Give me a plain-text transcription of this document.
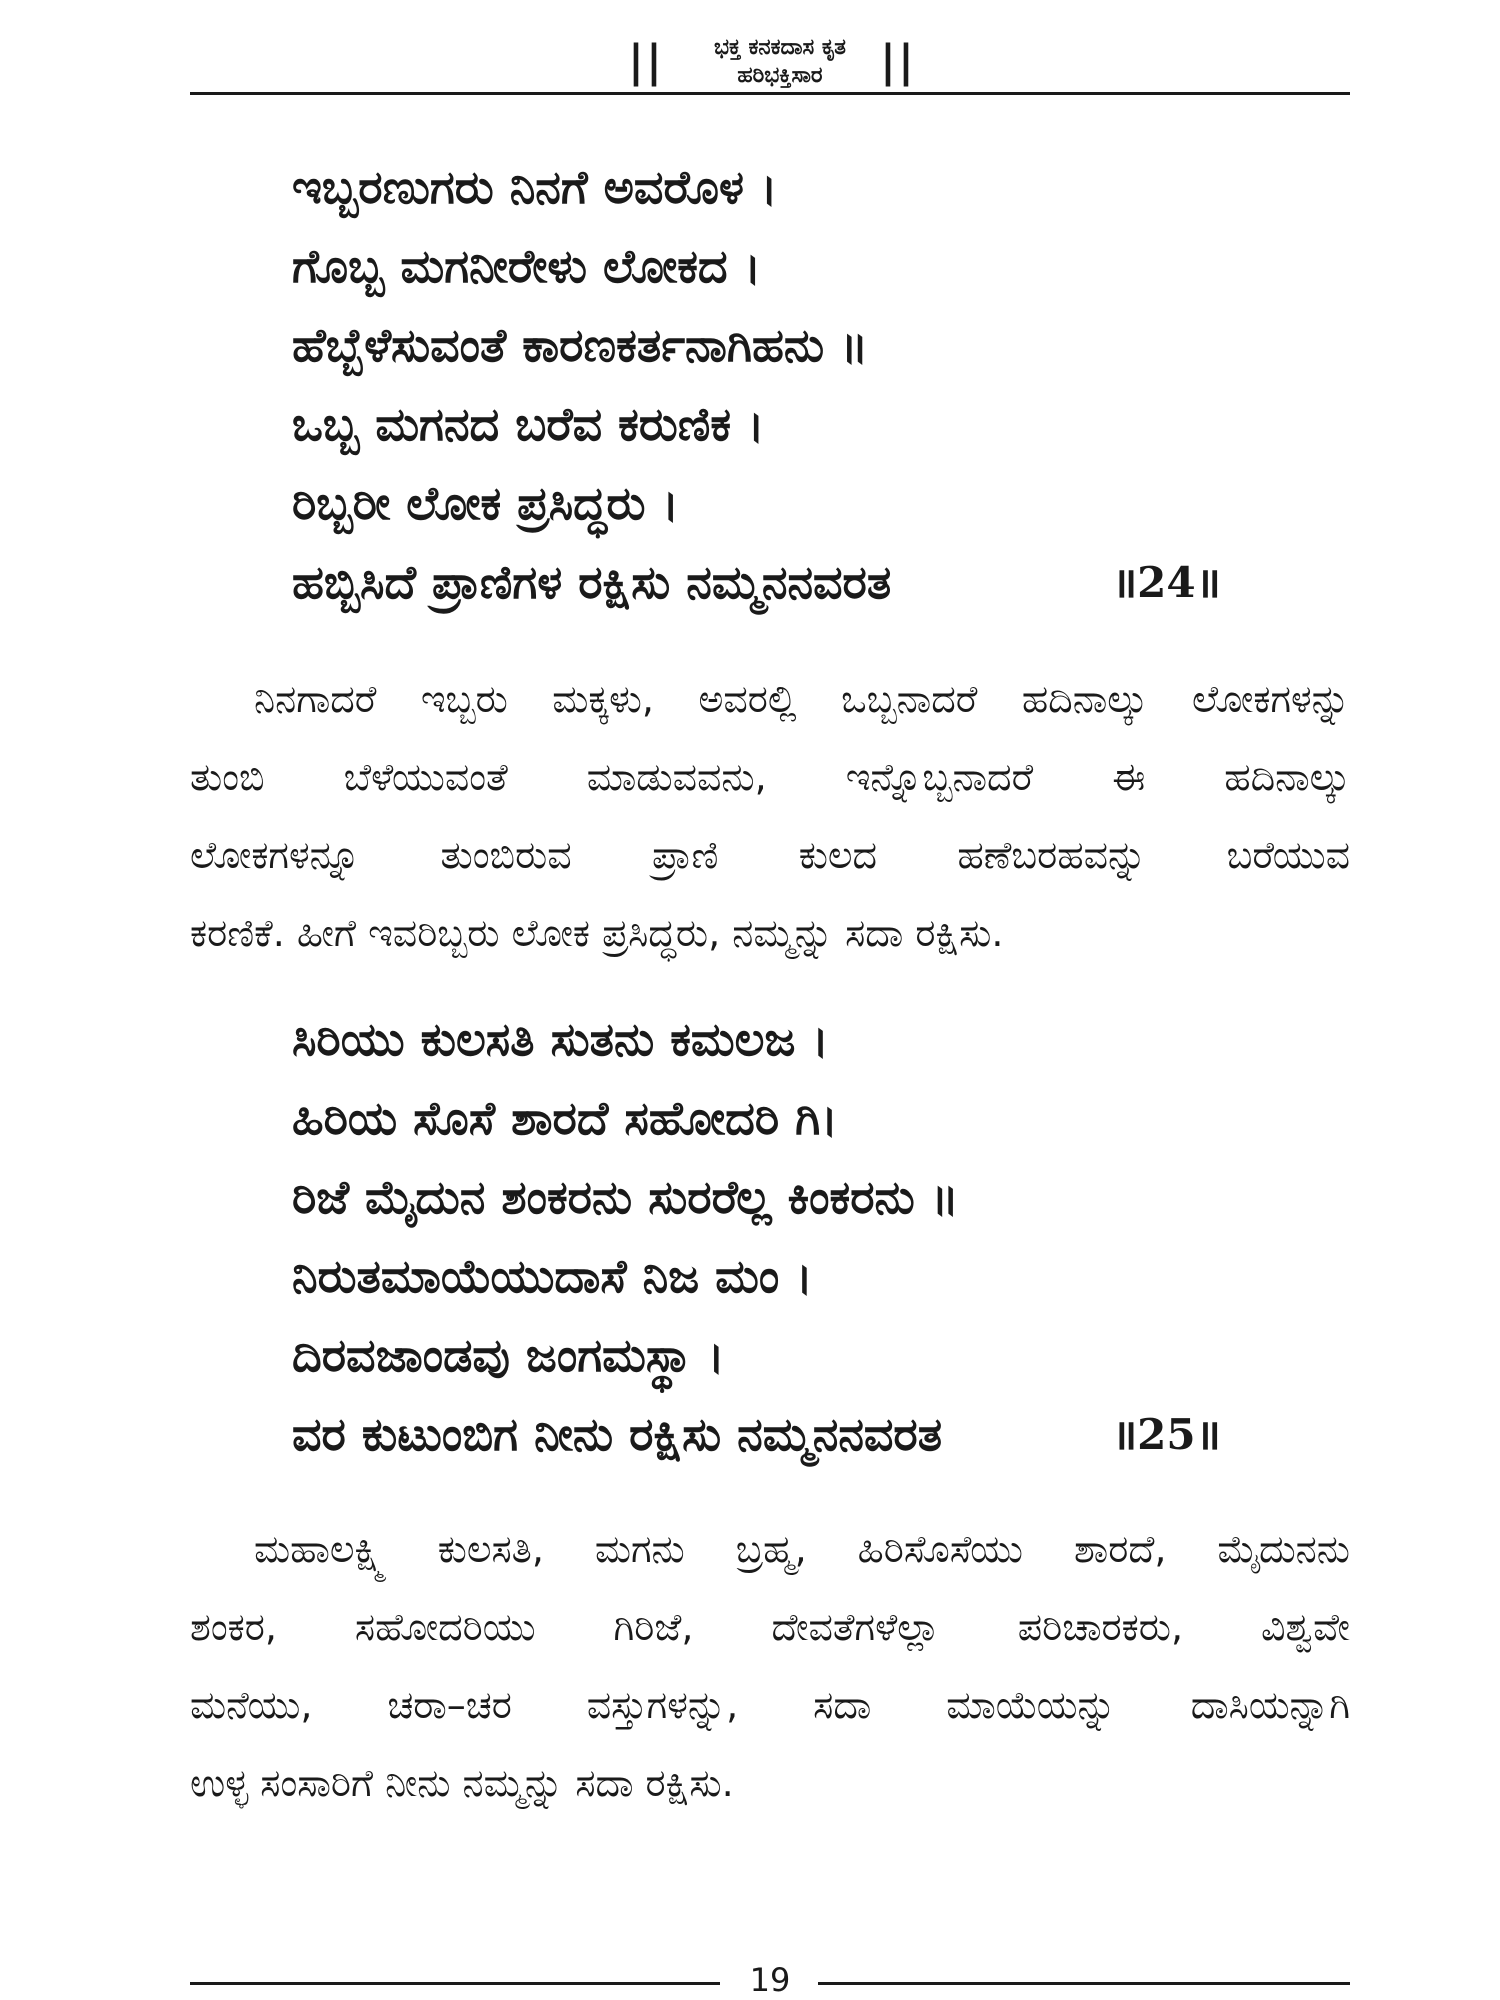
||	ಭಕ್ತ ಕನಕದಾಸ ಕೃತ
ಹರಿಭಕ್ತಿಸಾರ	||
ಇಬ್ಬರಣುಗರು ನಿನಗೆ ಅವರೊಳ ।
ಗೊಬ್ಬ ಮಗನೀರೇಳು ಲೋಕದ ।
ಹೆಬ್ಬೆಳೆಸುವಂತೆ ಕಾರಣಕರ್ತನಾಗಿಹನು ॥
ಒಬ್ಬ ಮಗನದ ಬರೆವ ಕರುಣಿಕ ।
ರಿಬ್ಬರೀ ಲೋಕ ಪ್ರಸಿದ್ಧರು ।
ಹಬ್ಬಿಸಿದೆ ಪ್ರಾಣಿಗಳ ರಕ್ಷಿಸು ನಮ್ಮನನವರತ	॥24॥
ನಿನಗಾದರೆ ಇಬ್ಬರು ಮಕ್ಕಳು, ಅವರಲ್ಲಿ ಒಬ್ಬನಾದರೆ ಹದಿನಾಲ್ಕು ಲೋಕಗಳನ್ನು
ತುಂಬಿ ಬೆಳೆಯುವಂತೆ ಮಾಡುವವನು, ಇನ್ನೊಬ್ಬನಾದರೆ ಈ ಹದಿನಾಲ್ಕು
ಲೋಕಗಳನ್ನೂ ತುಂಬಿರುವ ಪ್ರಾಣಿ ಕುಲದ ಹಣೆಬರಹವನ್ನು ಬರೆಯುವ
ಕರಣಿಕೆ. ಹೀಗೆ ಇವರಿಬ್ಬರು ಲೋಕ ಪ್ರಸಿದ್ಧರು, ನಮ್ಮನ್ನು ಸದಾ ರಕ್ಷಿಸು.
ಸಿರಿಯು ಕುಲಸತಿ ಸುತನು ಕಮಲಜ ।
ಹಿರಿಯ ಸೊಸೆ ಶಾರದೆ ಸಹೋದರಿ ಗಿ।
ರಿಜೆ ಮೈದುನ ಶಂಕರನು ಸುರರೆಲ್ಲ ಕಿಂಕರನು ॥
ನಿರುತಮಾಯೆಯುದಾಸೆ ನಿಜ ಮಂ ।
ದಿರವಜಾಂಡವು ಜಂಗಮಸ್ಥಾ ।
ವರ ಕುಟುಂಬಿಗ ನೀನು ರಕ್ಷಿಸು ನಮ್ಮನನವರತ	॥25॥
ಮಹಾಲಕ್ಷ್ಮಿ ಕುಲಸತಿ, ಮಗನು ಬ್ರಹ್ಮ, ಹಿರಿಸೊಸೆಯು ಶಾರದೆ, ಮೈದುನನು
ಶಂಕರ, ಸಹೋದರಿಯು ಗಿರಿಜೆ, ದೇವತೆಗಳೆಲ್ಲಾ ಪರಿಚಾರಕರು, ವಿಶ್ವವೇ
ಮನೆಯು, ಚರಾ–ಚರ ವಸ್ತುಗಳನ್ನು, ಸದಾ ಮಾಯೆಯನ್ನು ದಾಸಿಯನ್ನಾಗಿ
ಉಳ್ಳ ಸಂಸಾರಿಗೆ ನೀನು ನಮ್ಮನ್ನು ಸದಾ ರಕ್ಷಿಸು.
19
